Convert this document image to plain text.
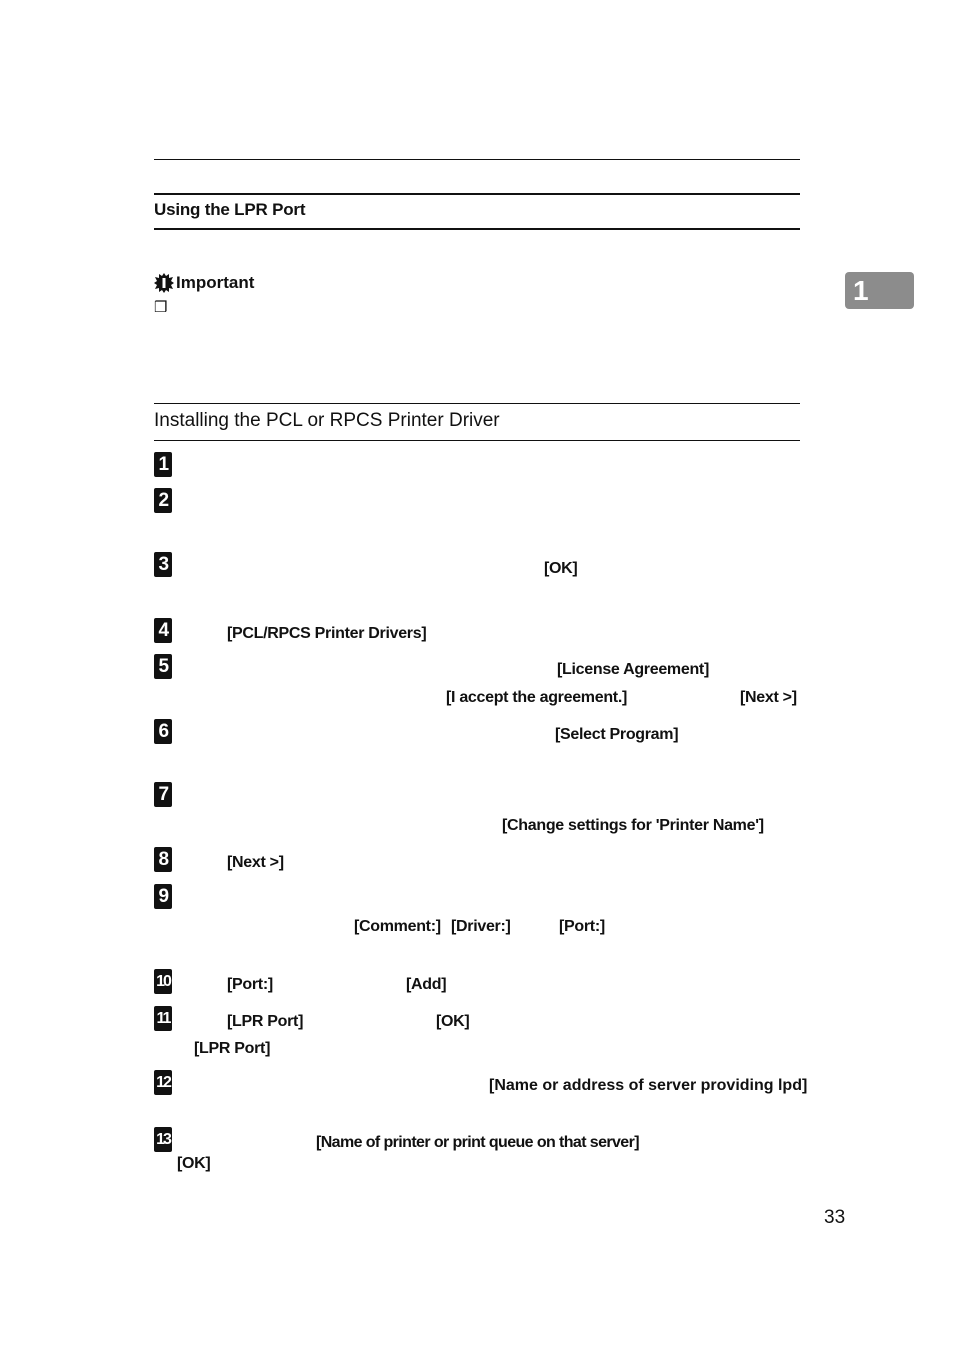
Using the LPR Port
Important
❒
1
Installing the PCL or RPCS Printer Driver
1
2
3
4
5
6
7
8
9
10
11
12
13
[OK]
[PCL/RPCS Printer Drivers]
[License Agreement]
[I accept the agreement.]	[Next >]
[Select Program]
[Change settings for 'Printer Name']
[Next >]
[Comment:] [Driver:]	[Port:]
[Port:]	[Add]
[LPR Port]	[OK]
[LPR Port]
[Name or address of server providing lpd]
[Name of printer or print queue on that server]
[OK]
33
